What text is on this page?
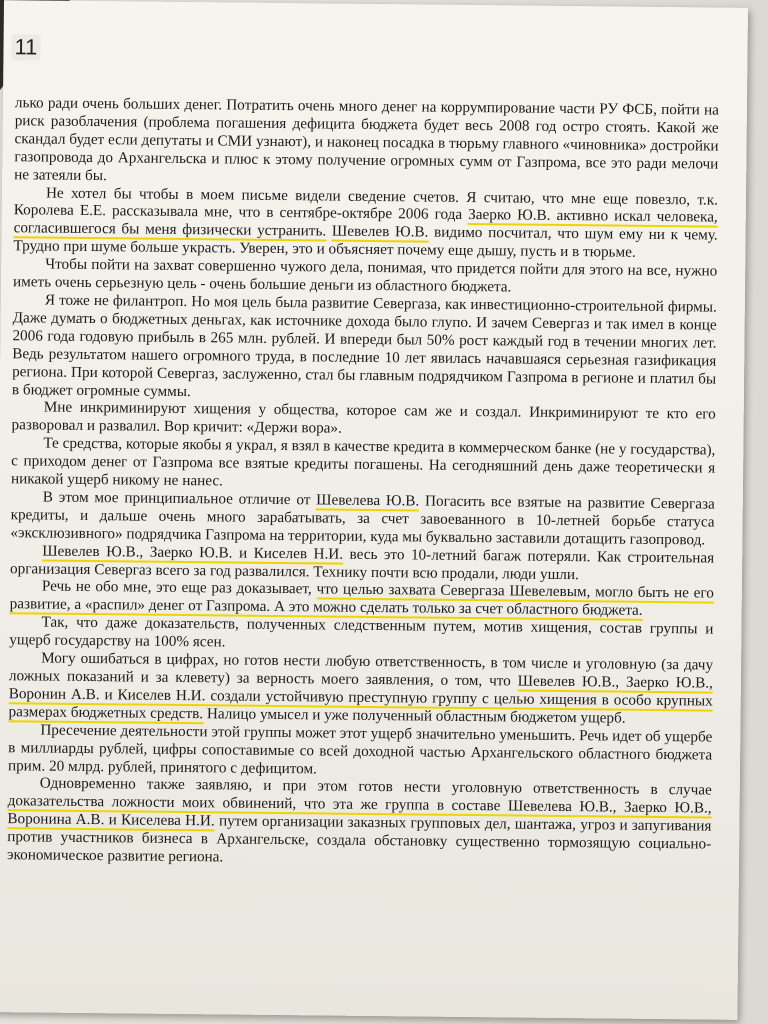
11

лько ради очень больших денег. Потратить очень много денег на коррумпирование части РУ ФСБ, пойти на риск разоблачения (проблема погашения дефицита бюджета будет весь 2008 год остро стоять. Какой же скандал будет если депутаты и СМИ узнают), и наконец посадка в тюрьму главного «чиновника» достройки газопровода до Архангельска и плюс к этому получение огромных сумм от Газпрома, все это ради мелочи не затеяли бы.

Не хотел бы чтобы в моем письме видели сведение счетов. Я считаю, что мне еще повезло, т.к. Королева Е.Е. рассказывала мне, что в сентябре-октябре 2006 года Заерко Ю.В. активно искал человека, согласившегося бы меня физически устранить. Шевелев Ю.В. видимо посчитал, что шум ему ни к чему. Трудно при шуме больше украсть. Уверен, это и объясняет почему еще дышу, пусть и в тюрьме.

Чтобы пойти на захват совершенно чужого дела, понимая, что придется пойти для этого на все, нужно иметь очень серьезную цель - очень большие деньги из областного бюджета.

Я тоже не филантроп. Но моя цель была развитие Севергаза, как инвестиционно-строительной фирмы. Даже думать о бюджетных деньгах, как источнике дохода было глупо. И зачем Севергаз и так имел в конце 2006 года годовую прибыль в 265 млн. рублей. И впереди был 50% рост каждый год в течении многих лет. Ведь результатом нашего огромного труда, в последние 10 лет явилась начавшаяся серьезная газификация региона. При которой Севергаз, заслуженно, стал бы главным подрядчиком Газпрома в регионе и платил бы в бюджет огромные суммы.

Мне инкриминируют хищения у общества, которое сам же и создал. Инкриминируют те кто его разворовал и развалил. Вор кричит: «Держи вора».

Те средства, которые якобы я украл, я взял в качестве кредита в коммерческом банке (не у государства), с приходом денег от Газпрома все взятые кредиты погашены. На сегодняшний день даже теоретически я никакой ущерб никому не нанес.

В этом мое принципиальное отличие от Шевелева Ю.В. Погасить все взятые на развитие Севергаза кредиты, и дальше очень много зарабатывать, за счет завоеванного в 10-летней борьбе статуса «эксклюзивного» подрядчика Газпрома на территории, куда мы буквально заставили дотащить газопровод.

Шевелев Ю.В., Заерко Ю.В. и Киселев Н.И. весь это 10-летний багаж потеряли. Как строительная организация Севергаз всего за год развалился. Технику почти всю продали, люди ушли.

Речь не обо мне, это еще раз доказывает, что целью захвата Севергаза Шевелевым, могло быть не его развитие, а «распил» денег от Газпрома. А это можно сделать только за счет областного бюджета.

Так, что даже доказательств, полученных следственным путем, мотив хищения, состав группы и ущерб государству на 100% ясен.

Могу ошибаться в цифрах, но готов нести любую ответственность, в том числе и уголовную (за дачу ложных показаний и за клевету) за верность моего заявления, о том, что Шевелев Ю.В., Заерко Ю.В., Воронин А.В. и Киселев Н.И. создали устойчивую преступную группу с целью хищения в особо крупных размерах бюджетных средств. Налицо умысел и уже полученный областным бюджетом ущерб.

Пресечение деятельности этой группы может этот ущерб значительно уменьшить. Речь идет об ущербе в миллиарды рублей, цифры сопоставимые со всей доходной частью Архангельского областного бюджета прим. 20 млрд. рублей, принятого с дефицитом.

Одновременно также заявляю, и при этом готов нести уголовную ответственность в случае доказательства ложности моих обвинений, что эта же группа в составе Шевелева Ю.В., Заерко Ю.В., Воронина А.В. и Киселева Н.И. путем организации заказных групповых дел, шантажа, угроз и запугивания против участников бизнеса в Архангельске, создала обстановку существенно тормозящую социально-экономическое развитие региона.
